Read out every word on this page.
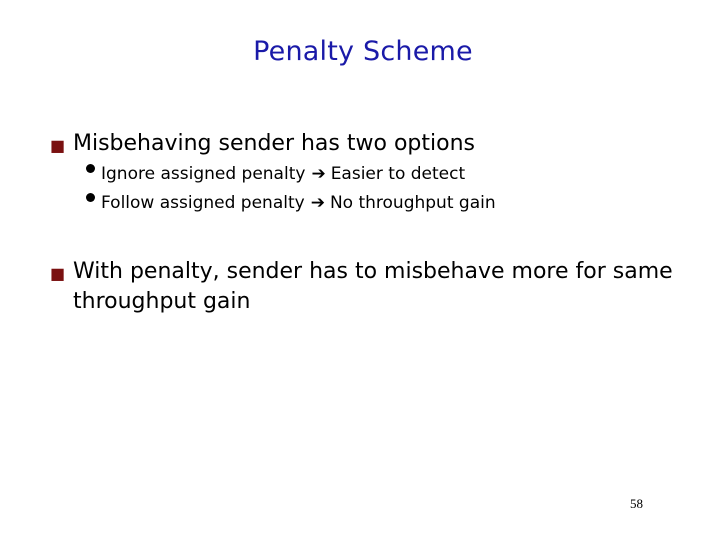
Penalty Scheme
■ Misbehaving sender has two options
Ignore assigned penalty ➔ Easier to detect
Follow assigned penalty ➔ No throughput gain
■ With penalty, sender has to misbehave more for same
throughput gain
58
